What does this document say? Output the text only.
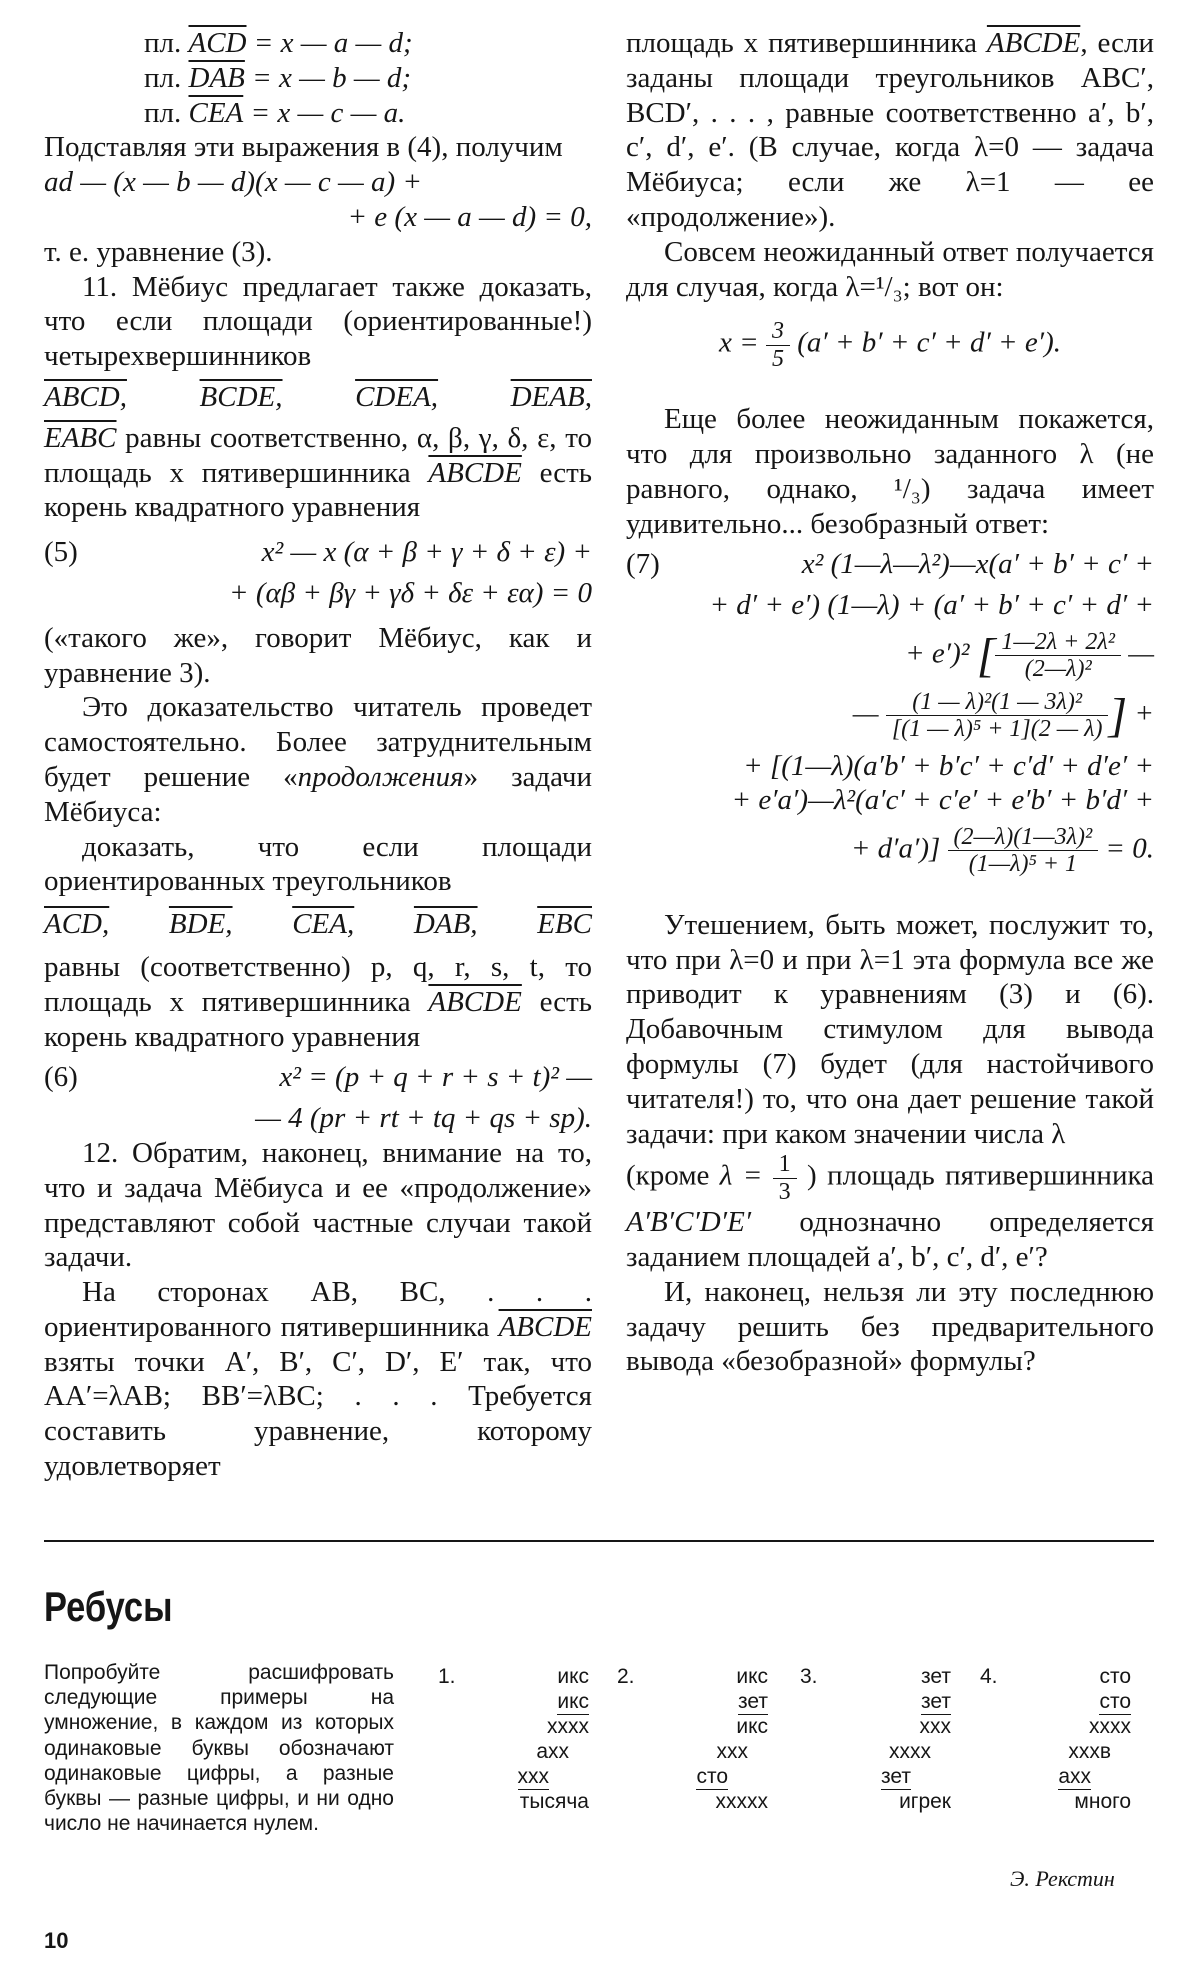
пл. $\overline{ACD} = x$ — a — d;
пл. $\overline{DAB} = x$ — b — d;
пл. $\overline{CEA} = x$ — c — a.

Подставляя эти выражения в (4), получим

ad — (x — b — d)(x — c — a) +
+ e (x — a — d) = 0,

т. е. уравнение (3).

11. Мёбиус предлагает также доказать, что если площади (ориентированные!) четырехвершинников

ABCD,	BCDE,	CDEA,	DEAB,

EABC равны соответственно, α, β, γ, δ, ε, то площадь x пятивершинника ABCDE есть корень квадратного уравнения

(5)	x² — x (α + β + γ + δ + ε) +
+ (αβ + βγ + γδ + δε + εα) = 0

(«такого же», говорит Мёбиус, как и уравнение 3).

Это доказательство читатель проведет самостоятельно. Более затруднительным будет решение «продолжения» задачи Мёбиуса:

доказать, что если площади ориентированных треугольников

ACD, BDE, CEA, DAB, $\overline{EBC}$

равны (соответственно) p, q, r, s, t, то площадь x пятивершинника ABCDE есть корень квадратного уравнения

(6)	x² = (p + q + r + s + t)² —
— 4 (pr + rt + tq + qs + sp).

12. Обратим, наконец, внимание на то, что и задача Мёбиуса и ее «продолжение» представляют собой частные случаи такой задачи.

На сторонах AB, BC, . . . ориентированного пятивершинника ABCDE взяты точки A′, B′, C′, D′, E′ так, что AA′=λAB; BB′=λBC; . . . Требуется составить уравнение, которому удовлетворяет

площадь x пятивершинника ABCDE, если заданы площади треугольников ABC′, BCD′, . . . , равные соответственно a′, b′, c′, d′, e′. (В случае, когда λ=0 — задача Мёбиуса; если же λ=1 — ее «продолжение»).

Совсем неожиданный ответ получается для случая, когда λ=¹/₃; вот он:

$x = \frac{3}{5} (a' + b' + c' + d' + e')$.

Еще более неожиданным покажется, что для произвольно заданного λ (не равного, однако, ¹/₃) задача имеет удивительно... безобразный ответ:

(7)	x² (1—λ—λ²)—x(a′ + b′ + c′ +
+ d′ + e′) (1—λ) + (a′ + b′ + c′ + d′ +
+ e′)² [ $\frac{\text{1—2λ + 2λ²}}{\text{(2—λ)²}}$ —
— $\frac{\text{(1 — λ)²(1 — 3λ)²}}{\text{[(1 — λ)⁵ + 1](2 — λ)}}$ ] +
+ [(1—λ)(a′b′ + b′c′ + c′d′ + d′e′ +
+ e′a′)—λ²(a′c′ + c′e′ + e′b′ + b′d′ +
+ $d'a')] \frac{\text{(2—λ)(1—3λ)²}}{\text{(1—λ)⁵ + 1}} = 0$.

Утешением, быть может, послужит то, что при λ=0 и при λ=1 эта формула все же приводит к уравнениям (3) и (6). Добавочным стимулом для вывода формулы (7) будет (для настойчивого читателя!) то, что она дает решение такой задачи: при каком значении числа λ

(кроме $\lambda = \frac{1}{3}$ ) площадь пятивершинника A′B′C′D′E′ однозначно определяется заданием площадей a′, b′, c′, d′, e′?

И, наконец, нельзя ли эту последнюю задачу решить без предварительного вывода «безобразной» формулы?

Ребусы
Попробуйте расшифровать следующие примеры на умножение, в каждом из которых одинаковые буквы обозначают одинаковые цифры, а разные буквы — разные цифры, и ни одно число не начинается нулем.
1.	икс
икс
хххх
аxх
ххх
тысяча
2.	икс
зет
икс
ххх
сто
ххххх
3.	зет
зет
ххх
хххх
зет
игрек
4.	сто
сто
хххх
хххв
ахх
много
Э. Рекстин
10
